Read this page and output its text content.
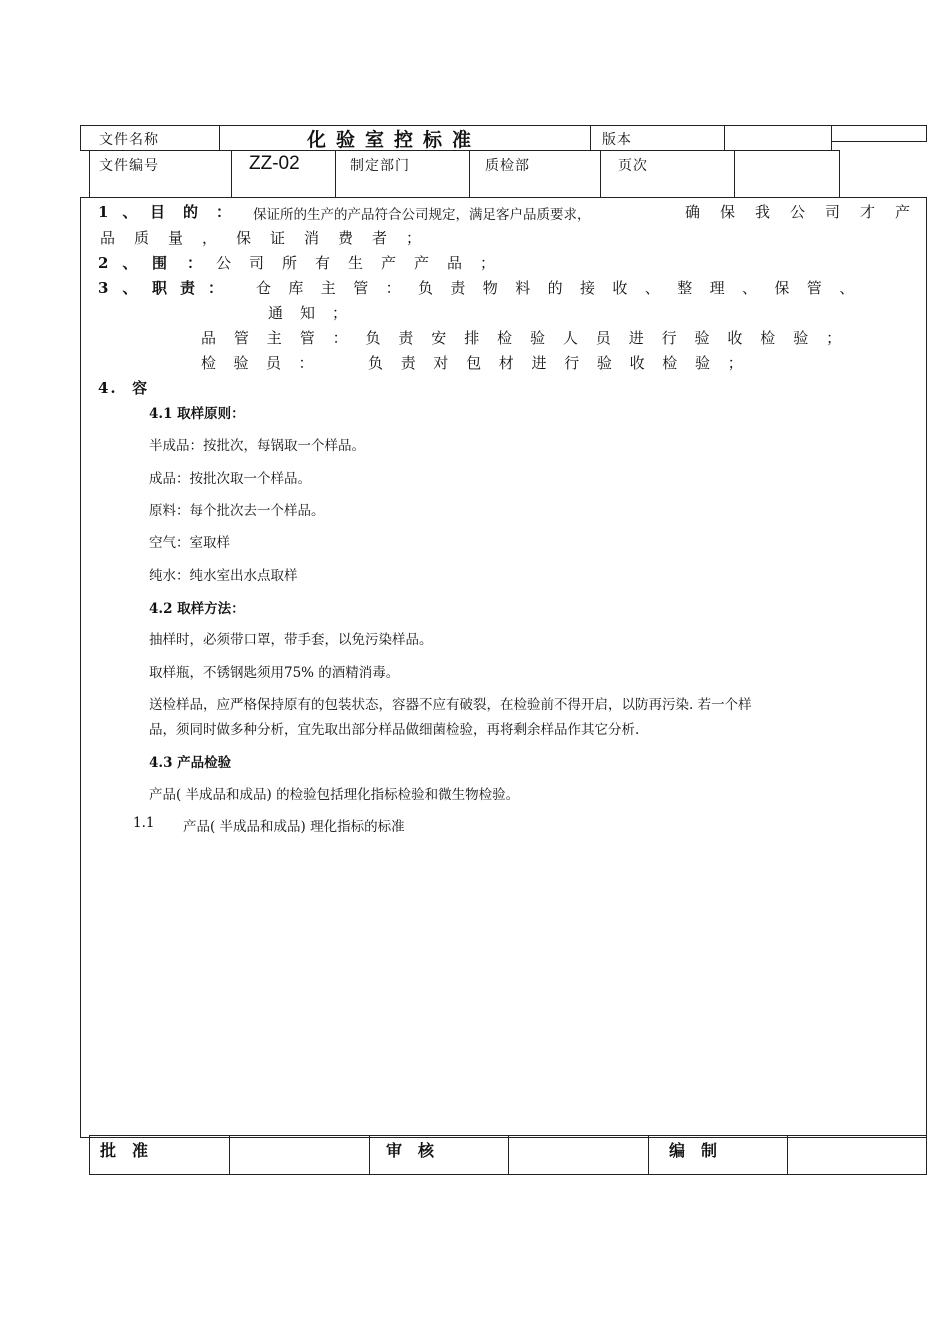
文件名称	化验室控标准	版本
文件编号	ZZ-02	制定部门	质检部	页次
1、
目的： 保证所的生产的产品符合公司规定，满足客户品质要求，	确保我公司才产
品质量，保证消费者；
2、 围：
公司所有生产产品；
3、 职责： 仓库主管：负责物料的接收、整理、保管、
通知；
品管主管：负责安排检验人员进行验收检验；
检验员： 负责对包材进行验收检验；
4.  容
4.1 取样原则：
半成品：按批次，每锅取一个样品。
成品：按批次取一个样品。
原料：每个批次去一个样品。
空气：室取样
纯水：纯水室出水点取样
4.2 取样方法：
抽样时，必须带口罩，带手套，以免污染样品。
取样瓶，不锈钢匙须用75% 的酒精消毒。
送检样品，应严格保持原有的包装状态，容器不应有破裂，在检验前不得开启，以防再污染. 若一个样
品，须同时做多种分析，宜先取出部分样品做细菌检验，再将剩余样品作其它分析.
4.3 产品检验
产品( 半成品和成品) 的检验包括理化指标检验和微生物检验。
1.1 产品( 半成品和成品) 理化指标的标准
批准	审核	编制
